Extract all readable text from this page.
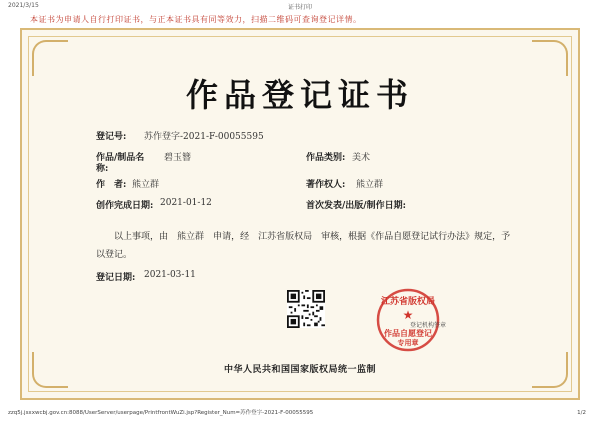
2021/3/15	证书打印
本证书为申请人自行打印证书，与正本证书具有同等效力，扫描二维码可查询登记详情。
作品登记证书
登记号: 苏作登字-2021-F-00055595
作品/制品名
称:
碧玉簪	作品类别: 美术
作　者: 熊立群	著作权人: 熊立群
创作完成日期: 2021-01-12	首次发表/出版/制作日期:
以上事项，由　 熊立群　 申请，经　 江苏省版权局　 审核，根据《作品自愿登记试行办法》规定，予以登记。
登记日期: 2021-03-11
江苏省版权局
★
登记机构签章
作品自愿登记
专用章
中华人民共和国国家版权局统一监制
zzq5j.jsxxwcbj.gov.cn:8088/UserServer/userpage/PrintfrontWuZi.jsp?Register_Num=苏作登字-2021-F-00055595	1/2
